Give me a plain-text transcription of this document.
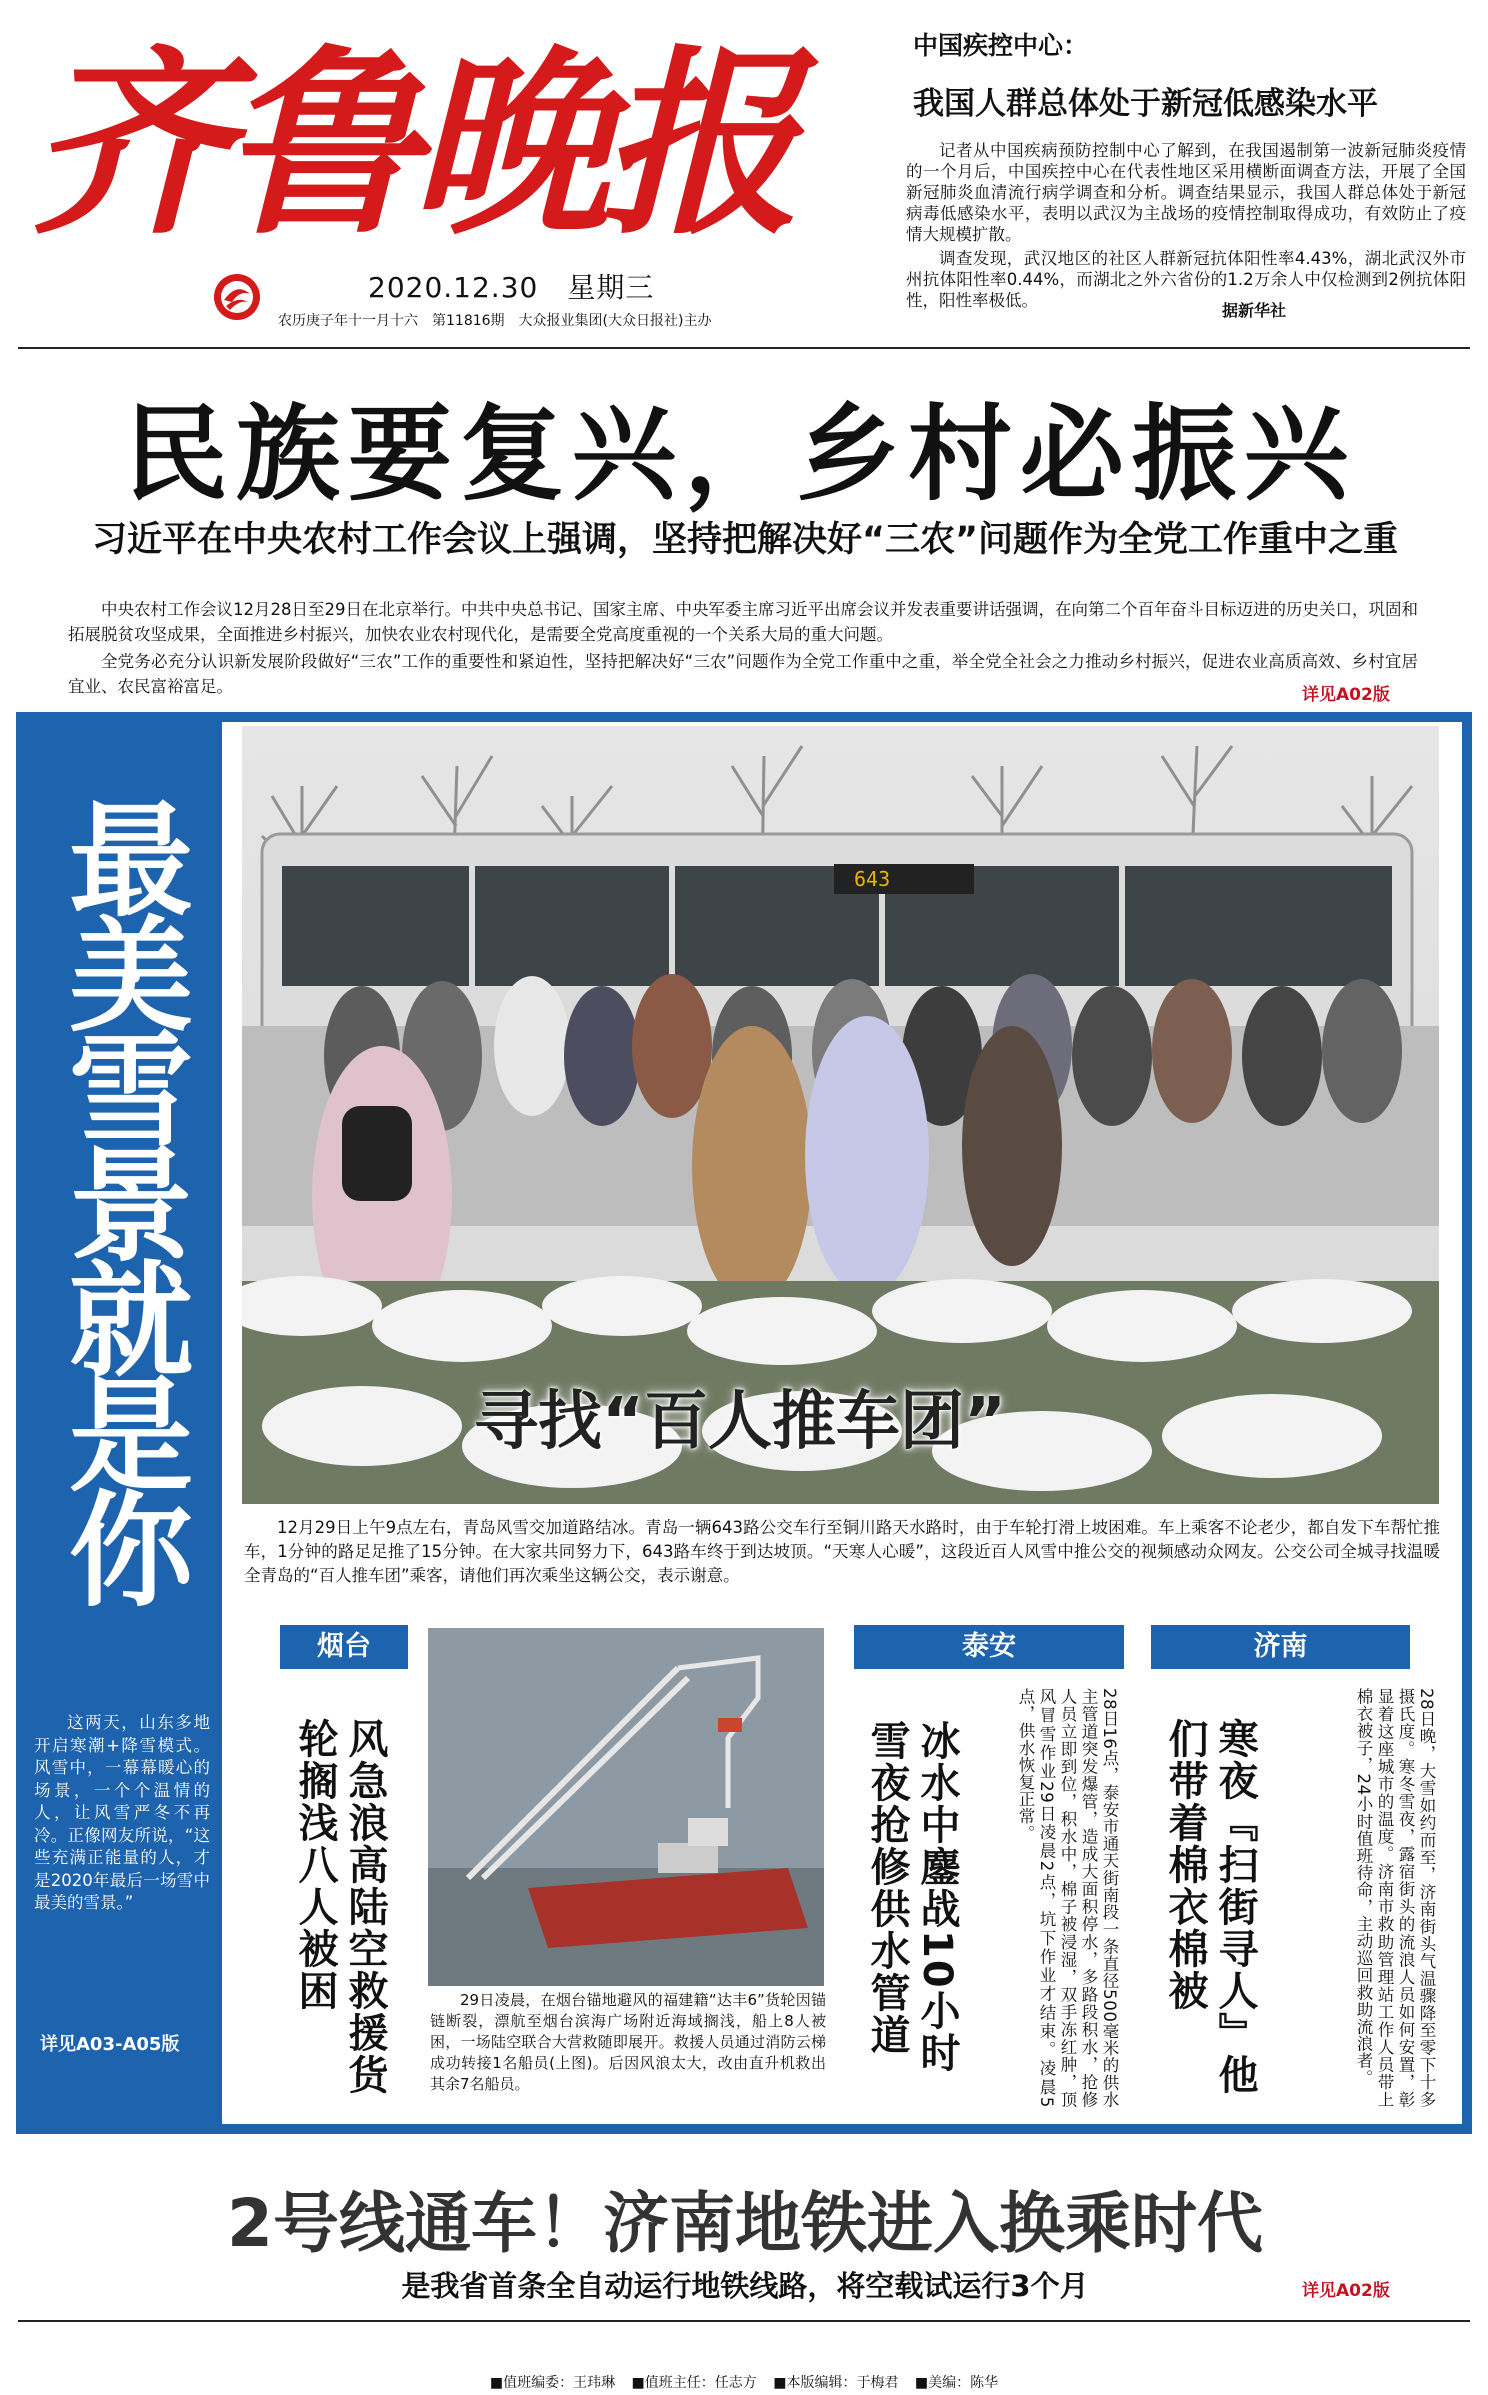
齐鲁晚报
2020.12.30　星期三
农历庚子年十一月十六　第11816期　大众报业集团(大众日报社)主办
中国疾控中心：
我国人群总体处于新冠低感染水平
记者从中国疾病预防控制中心了解到，在我国遏制第一波新冠肺炎疫情的一个月后，中国疾控中心在代表性地区采用横断面调查方法，开展了全国新冠肺炎血清流行病学调查和分析。调查结果显示，我国人群总体处于新冠病毒低感染水平，表明以武汉为主战场的疫情控制取得成功，有效防止了疫情大规模扩散。
调查发现，武汉地区的社区人群新冠抗体阳性率4.43%，湖北武汉外市州抗体阳性率0.44%，而湖北之外六省份的1.2万余人中仅检测到2例抗体阳性，阳性率极低。
据新华社
民族要复兴，乡村必振兴
习近平在中央农村工作会议上强调，坚持把解决好“三农”问题作为全党工作重中之重
中央农村工作会议12月28日至29日在北京举行。中共中央总书记、国家主席、中央军委主席习近平出席会议并发表重要讲话强调，在向第二个百年奋斗目标迈进的历史关口，巩固和拓展脱贫攻坚成果，全面推进乡村振兴，加快农业农村现代化，是需要全党高度重视的一个关系大局的重大问题。
全党务必充分认识新发展阶段做好“三农”工作的重要性和紧迫性，坚持把解决好“三农”问题作为全党工作重中之重，举全党全社会之力推动乡村振兴，促进农业高质高效、乡村宜居宜业、农民富裕富足。	详见A02版
最美雪景就是你
这两天，山东多地开启寒潮+降雪模式。风雪中，一幕幕暖心的场景，一个个温情的人，让风雪严冬不再冷。正像网友所说，“这些充满正能量的人，才是2020年最后一场雪中最美的雪景。”
详见A03-A05版
643
寻找“百人推车团”
12月29日上午9点左右，青岛风雪交加道路结冰。青岛一辆643路公交车行至铜川路天水路时，由于车轮打滑上坡困难。车上乘客不论老少，都自发下车帮忙推车，1分钟的路足足推了15分钟。在大家共同努力下，643路车终于到达坡顶。“天寒人心暖”，这段近百人风雪中推公交的视频感动众网友。公交公司全城寻找温暖全青岛的“百人推车团”乘客，请他们再次乘坐这辆公交，表示谢意。
烟台	泰安	济南
风急浪高陆空救援货轮搁浅八人被困	29日凌晨，在烟台锚地避风的福建籍“达丰6”货轮因锚链断裂，漂航至烟台滨海广场附近海域搁浅，船上8人被困，一场陆空联合大营救随即展开。救援人员通过消防云梯成功转接1名船员(上图)。后因风浪太大，改由直升机救出其余7名船员。
冰水中鏖战10小时雪夜抢修供水管道	28日16点，泰安市通天街南段一条直径500毫米的供水主管道突发爆管，造成大面积停水，多路段积水，抢修人员立即到位，积水中，棉子被浸湿，双手冻红肿，顶风冒雪作业29日凌晨2点，坑下作业才结束。凌晨5点，供水恢复正常。	寒夜『扫街寻人』他们带着棉衣棉被	28日晚，大雪如约而至，济南街头气温骤降至零下十多摄氏度。寒冬雪夜，露宿街头的流浪人员如何安置，彰显着这座城市的温度。济南市救助管理站工作人员带上棉衣被子，24小时值班待命，主动巡回救助流浪者。
2号线通车！济南地铁进入换乘时代
是我省首条全自动运行地铁线路，将空载试运行3个月	详见A02版
■值班编委：王玮琳 ■值班主任：任志方 ■本版编辑：于梅君 ■美编：陈华
